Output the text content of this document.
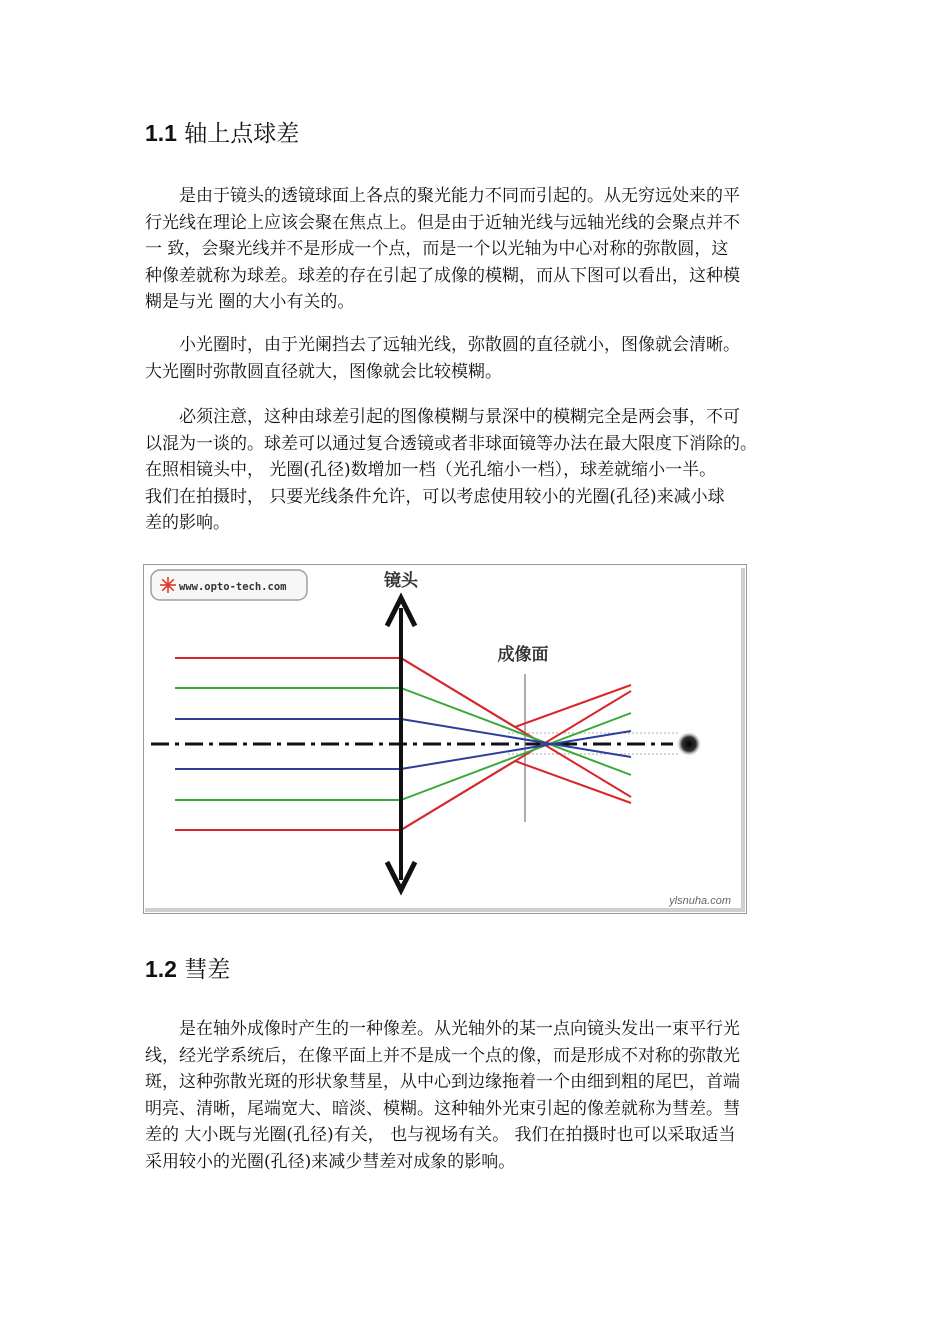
1.1 轴上点球差

是由于镜头的透镜球面上各点的聚光能力不同而引起的。从无穷远处来的平
行光线在理论上应该会聚在焦点上。但是由于近轴光线与远轴光线的会聚点并不
一 致，会聚光线并不是形成一个点，而是一个以光轴为中心对称的弥散圆，这
种像差就称为球差。球差的存在引起了成像的模糊，而从下图可以看出，这种模
糊是与光 圈的大小有关的。

小光圈时，由于光阑挡去了远轴光线，弥散圆的直径就小，图像就会清晰。
大光圈时弥散圆直径就大，图像就会比较模糊。

必须注意，这种由球差引起的图像模糊与景深中的模糊完全是两会事，不可
以混为一谈的。球差可以通过复合透镜或者非球面镜等办法在最大限度下消除的。
在照相镜头中， 光圈(孔径)数增加一档（光孔缩小一档），球差就缩小一半。
我们在拍摄时， 只要光线条件允许，可以考虑使用较小的光圈(孔径)来减小球
差的影响。

www.opto-tech.com	镜头
成像面
ylsnuha.com
1.2 彗差

是在轴外成像时产生的一种像差。从光轴外的某一点向镜头发出一束平行光
线，经光学系统后，在像平面上并不是成一个点的像，而是形成不对称的弥散光
斑，这种弥散光斑的形状象彗星，从中心到边缘拖着一个由细到粗的尾巴，首端
明亮、清晰，尾端宽大、暗淡、模糊。这种轴外光束引起的像差就称为彗差。彗
差的 大小既与光圈(孔径)有关， 也与视场有关。 我们在拍摄时也可以采取适当
采用较小的光圈(孔径)来减少彗差对成象的影响。
